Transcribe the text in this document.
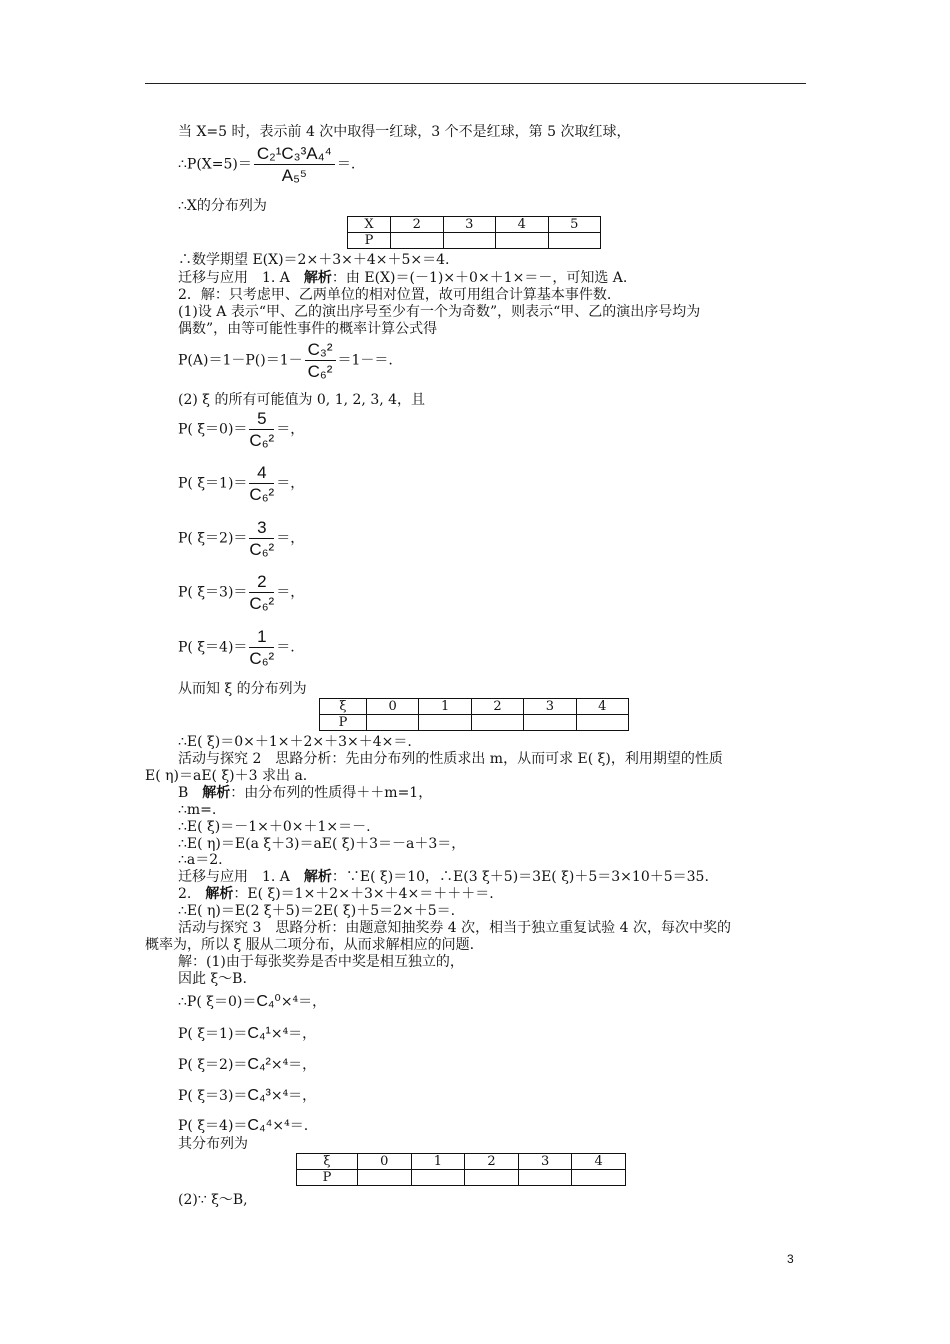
当 X=5 时，表示前 4 次中取得一红球，3 个不是红球，第 5 次取红球，
∴P(X=5)＝ $\frac{\text{C₂¹C₃³A₄⁴}}{\text{A₅⁵}}$ ＝.
∴X的分布列为
X	2	3	4	5
P				
∴数学期望 E(X)＝2×＋3×＋4×＋5×＝4.
迁移与应用　1. A　解析：由 E(X)＝(－1)×＋0×＋1×＝－，可知选 A.
2．解：只考虑甲、乙两单位的相对位置，故可用组合计算基本事件数.
(1)设 A 表示“甲、乙的演出序号至少有一个为奇数”，则表示“甲、乙的演出序号均为
偶数”，由等可能性事件的概率计算公式得
$P(A)=1-P()=1- \frac{\text{C₃²}}{\text{C₆²}} =1-=$.
(2) ξ 的所有可能值为 0, 1, 2, 3, 4，且
P( $\xi=0)= \frac{5}{\text{C₆²}}$ ＝，
P( $\xi=1)= \frac{4}{\text{C₆²}}$ ＝，
P( $\xi=2)= \frac{3}{\text{C₆²}}$ ＝，
P( $\xi=3)= \frac{2}{\text{C₆²}}$ ＝，
P( $\xi=4)= \frac{1}{\text{C₆²}}$ ＝.
从而知 ξ 的分布列为
ξ	0	1	2	3	4
P					
∴E( ξ)＝0×＋1×＋2×＋3×＋4×＝.
活动与探究 2　思路分析：先由分布列的性质求出 m，从而可求 E( ξ)，利用期望的性质
E( η)＝aE( ξ)＋3 求出 a.
B　解析：由分布列的性质得＋＋m=1，
∴m=.
∴E( ξ)＝－1×＋0×＋1×＝－.
∴E( η)＝E(a ξ＋3)＝aE( ξ)＋3＝－a＋3＝，
∴a＝2.
迁移与应用　1. A　解析：∵E( ξ)＝10，∴E(3 ξ＋5)＝3E( ξ)＋5＝3×10＋5＝35.
2.　解析：E( ξ)＝1×＋2×＋3×＋4×＝＋＋＋＝.
∴E( η)＝E(2 ξ＋5)＝2E( ξ)＋5＝2×＋5＝.
活动与探究 3　思路分析：由题意知抽奖券 4 次，相当于独立重复试验 4 次，每次中奖的
概率为，所以 ξ 服从二项分布，从而求解相应的问题.
解：(1)由于每张奖券是否中奖是相互独立的，
因此 ξ～B.
∴P( ξ＝0)＝C₄⁰×⁴＝，
P( ξ＝1)＝C₄¹×⁴＝，
P( ξ＝2)＝C₄²×⁴＝，
P( ξ＝3)＝C₄³×⁴＝，
P( ξ＝4)＝C₄⁴×⁴＝.
其分布列为
ξ	0	1	2	3	4
P					
(2)∵ ξ～B,
3
